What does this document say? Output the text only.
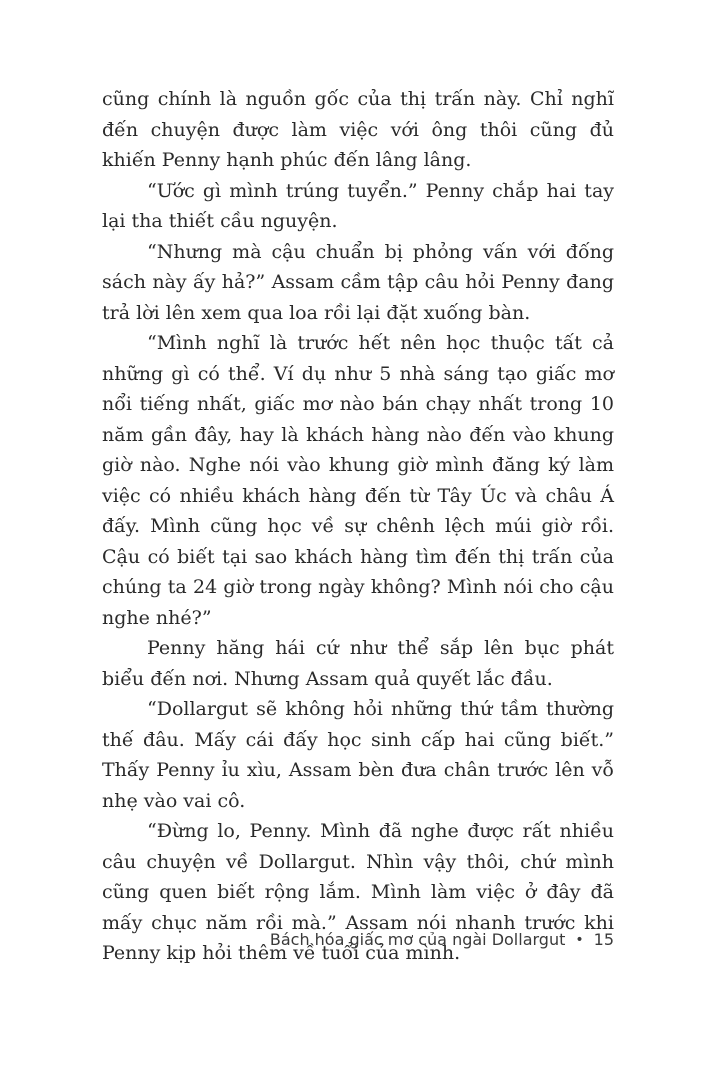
cũng chính là nguồn gốc của thị trấn này. Chỉ nghĩ đến chuyện được làm việc với ông thôi cũng đủ khiến Penny hạnh phúc đến lâng lâng.

“Ước gì mình trúng tuyển.” Penny chắp hai tay lại tha thiết cầu nguyện.

“Nhưng mà cậu chuẩn bị phỏng vấn với đống sách này ấy hả?” Assam cầm tập câu hỏi Penny đang trả lời lên xem qua loa rồi lại đặt xuống bàn.

“Mình nghĩ là trước hết nên học thuộc tất cả những gì có thể. Ví dụ như 5 nhà sáng tạo giấc mơ nổi tiếng nhất, giấc mơ nào bán chạy nhất trong 10 năm gần đây, hay là khách hàng nào đến vào khung giờ nào. Nghe nói vào khung giờ mình đăng ký làm việc có nhiều khách hàng đến từ Tây Úc và châu Á đấy. Mình cũng học về sự chênh lệch múi giờ rồi. Cậu có biết tại sao khách hàng tìm đến thị trấn của chúng ta 24 giờ trong ngày không? Mình nói cho cậu nghe nhé?”

Penny hăng hái cứ như thể sắp lên bục phát biểu đến nơi. Nhưng Assam quả quyết lắc đầu.

“Dollargut sẽ không hỏi những thứ tầm thường thế đâu. Mấy cái đấy học sinh cấp hai cũng biết.” Thấy Penny ỉu xìu, Assam bèn đưa chân trước lên vỗ nhẹ vào vai cô.

“Đừng lo, Penny. Mình đã nghe được rất nhiều câu chuyện về Dollargut. Nhìn vậy thôi, chứ mình cũng quen biết rộng lắm. Mình làm việc ở đây đã mấy chục năm rồi mà.” Assam nói nhanh trước khi Penny kịp hỏi thêm về tuổi của mình.

Bách hóa giấc mơ của ngài Dollargut • 15
